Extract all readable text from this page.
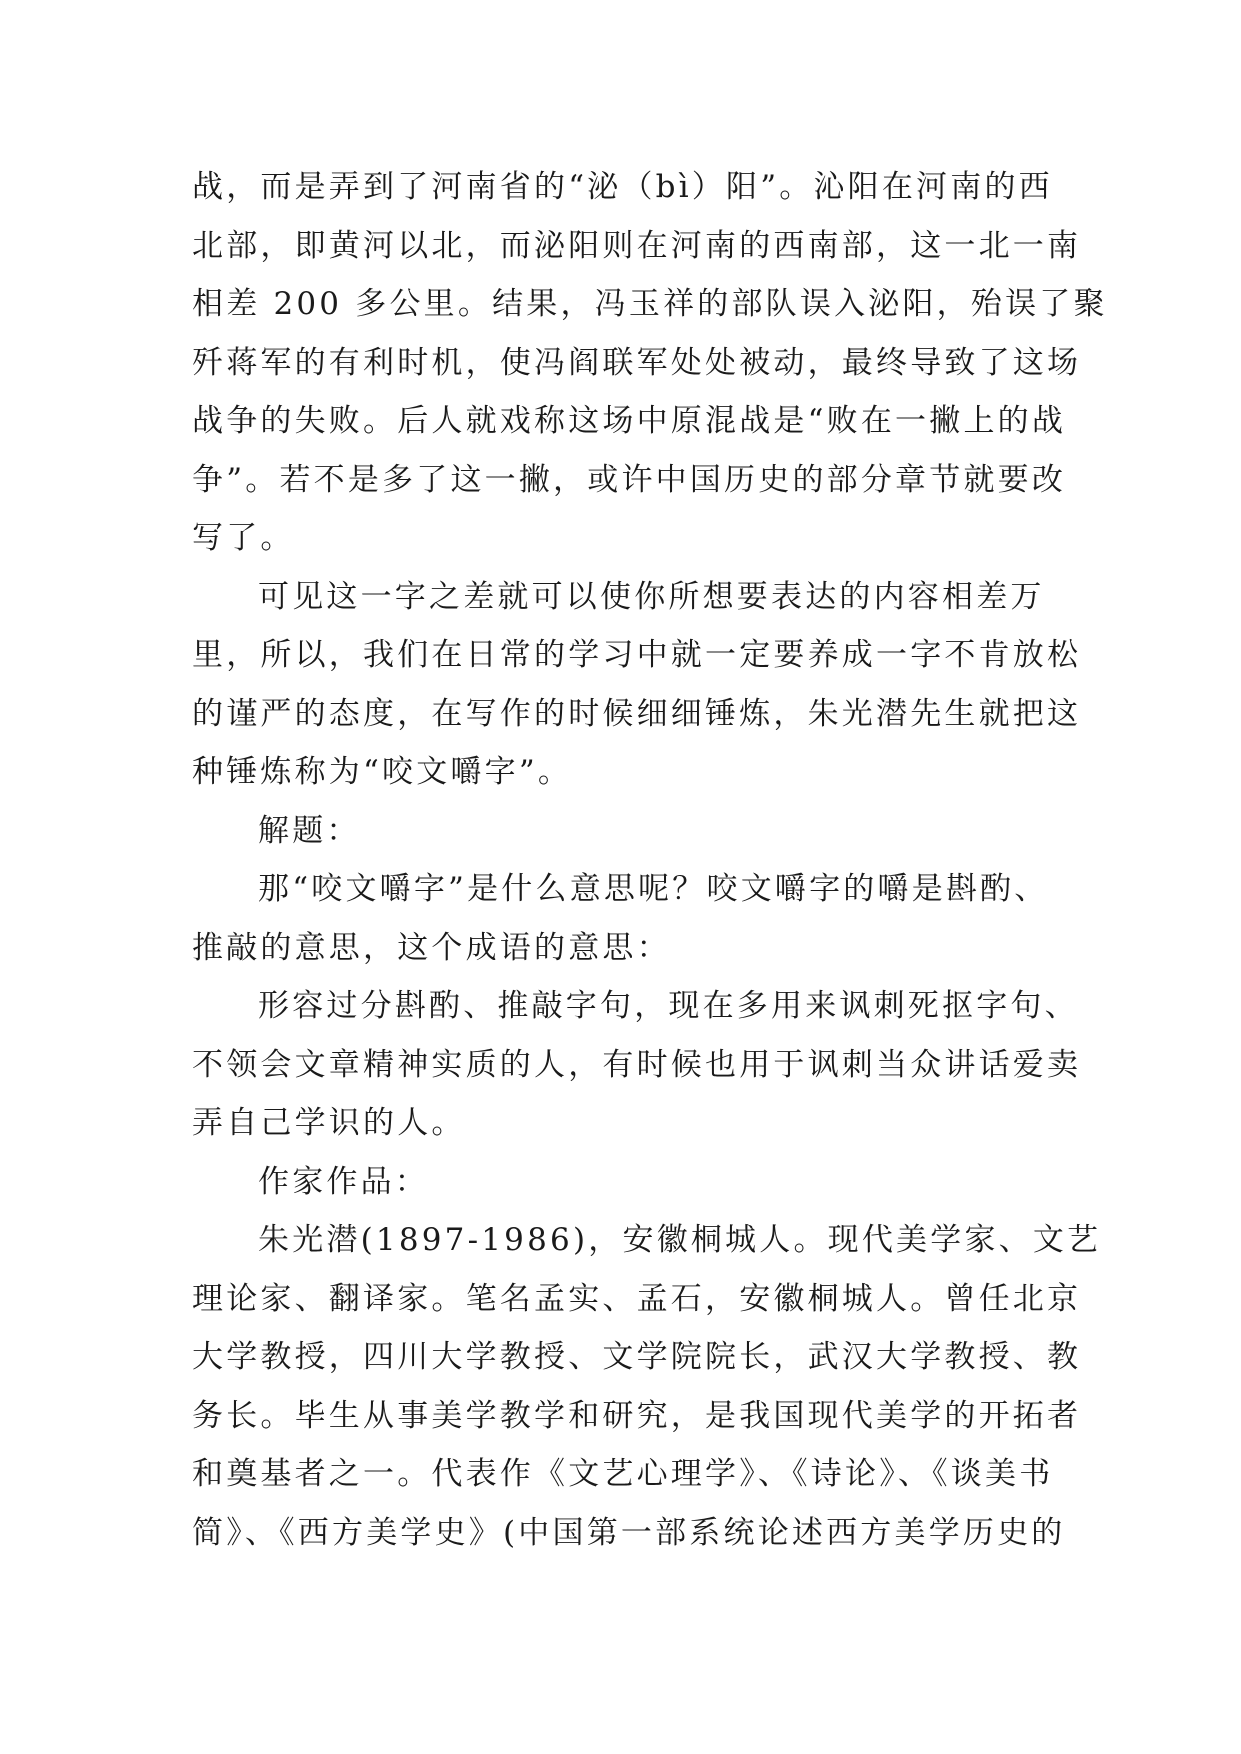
战，而是弄到了河南省的“泌（bì）阳”。沁阳在河南的西
北部，即黄河以北，而泌阳则在河南的西南部，这一北一南
相差 200 多公里。结果，冯玉祥的部队误入泌阳，殆误了聚
歼蒋军的有利时机，使冯阎联军处处被动，最终导致了这场
战争的失败。后人就戏称这场中原混战是“败在一撇上的战
争”。若不是多了这一撇，或许中国历史的部分章节就要改
写了。
可见这一字之差就可以使你所想要表达的内容相差万
里，所以，我们在日常的学习中就一定要养成一字不肯放松
的谨严的态度，在写作的时候细细锤炼，朱光潜先生就把这
种锤炼称为“咬文嚼字”。
解题：
那“咬文嚼字”是什么意思呢？咬文嚼字的嚼是斟酌、
推敲的意思，这个成语的意思：
形容过分斟酌、推敲字句，现在多用来讽刺死抠字句、
不领会文章精神实质的人，有时候也用于讽刺当众讲话爱卖
弄自己学识的人。
作家作品：
朱光潜(1897-1986)，安徽桐城人。现代美学家、文艺
理论家、翻译家。笔名孟实、孟石，安徽桐城人。曾任北京
大学教授，四川大学教授、文学院院长，武汉大学教授、教
务长。毕生从事美学教学和研究，是我国现代美学的开拓者
和奠基者之一。代表作《文艺心理学》、《诗论》、《谈美书
简》、《西方美学史》(中国第一部系统论述西方美学历史的
